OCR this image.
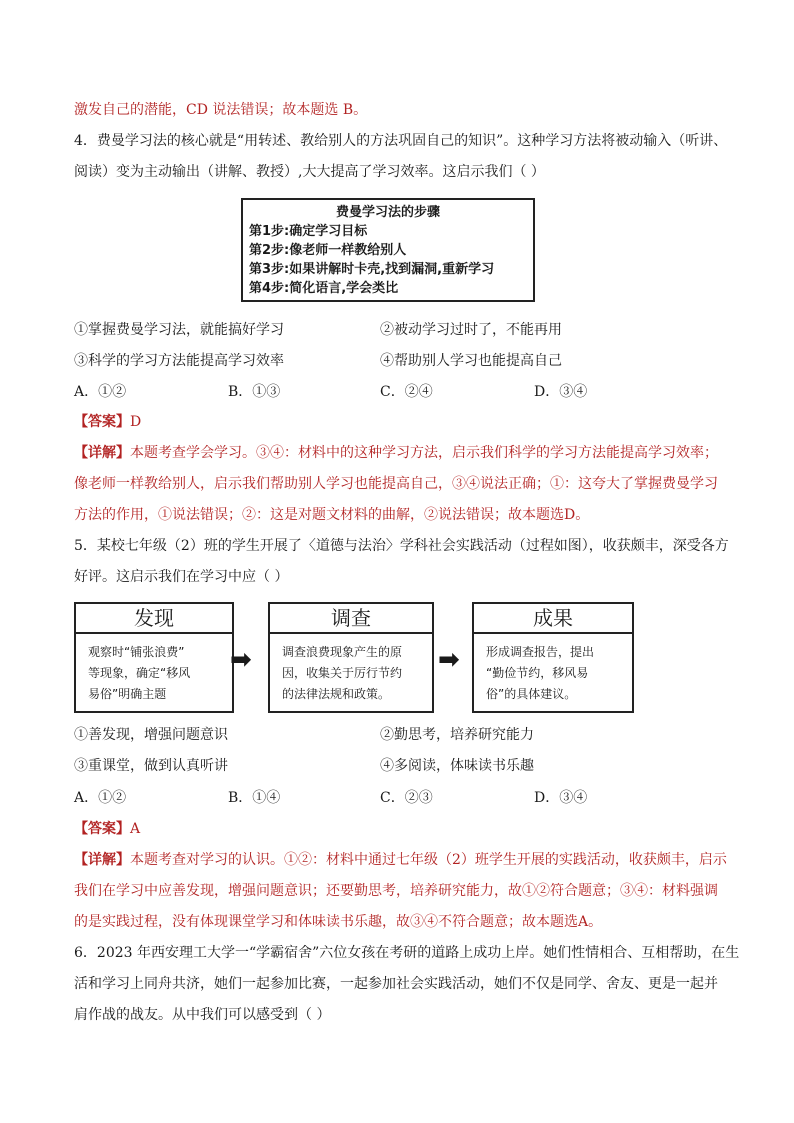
激发自己的潜能，CD 说法错误；故本题选 B。
4．费曼学习法的核心就是“用转述、教给别人的方法巩固自己的知识”。这种学习方法将被动输入（听讲、
阅读）变为主动输出（讲解、教授）,大大提高了学习效率。这启示我们（ ）
费曼学习法的步骤
第1步:确定学习目标
第2步:像老师一样教给别人
第3步:如果讲解时卡壳,找到漏洞,重新学习
第4步:简化语言,学会类比
①掌握费曼学习法，就能搞好学习	②被动学习过时了，不能再用
③科学的学习方法能提高学习效率	④帮助别人学习也能提高自己
A．①②	B．①③	C．②④	D．③④
【答案】D
【详解】本题考查学会学习。③④：材料中的这种学习方法，启示我们科学的学习方法能提高学习效率；
像老师一样教给别人，启示我们帮助别人学习也能提高自己，③④说法正确；①：这夸大了掌握费曼学习
方法的作用，①说法错误；②：这是对题文材料的曲解，②说法错误；故本题选D。
5．某校七年级（2）班的学生开展了〈道德与法治〉学科社会实践活动（过程如图），收获颇丰，深受各方
好评。这启示我们在学习中应（ ）
发现
观察时“铺张浪费”
等现象，确定“移风
易俗”明确主题
➡
调查
调查浪费现象产生的原
因，收集关于厉行节约
的法律法规和政策。
➡
成果
形成调查报告，提出
“勤俭节约，移风易
俗”的具体建议。
①善发现，增强问题意识	②勤思考，培养研究能力
③重课堂，做到认真听讲	④多阅读，体味读书乐趣
A．①②	B．①④	C．②③	D．③④
【答案】A
【详解】本题考查对学习的认识。①②：材料中通过七年级（2）班学生开展的实践活动，收获颇丰，启示
我们在学习中应善发现，增强问题意识；还要勤思考，培养研究能力，故①②符合题意；③④：材料强调
的是实践过程，没有体现课堂学习和体味读书乐趣，故③④不符合题意；故本题选A。
6．2023 年西安理工大学一“学霸宿舍”六位女孩在考研的道路上成功上岸。她们性情相合、互相帮助，在生
活和学习上同舟共济，她们一起参加比赛，一起参加社会实践活动，她们不仅是同学、舍友、更是一起并
肩作战的战友。从中我们可以感受到（ ）
